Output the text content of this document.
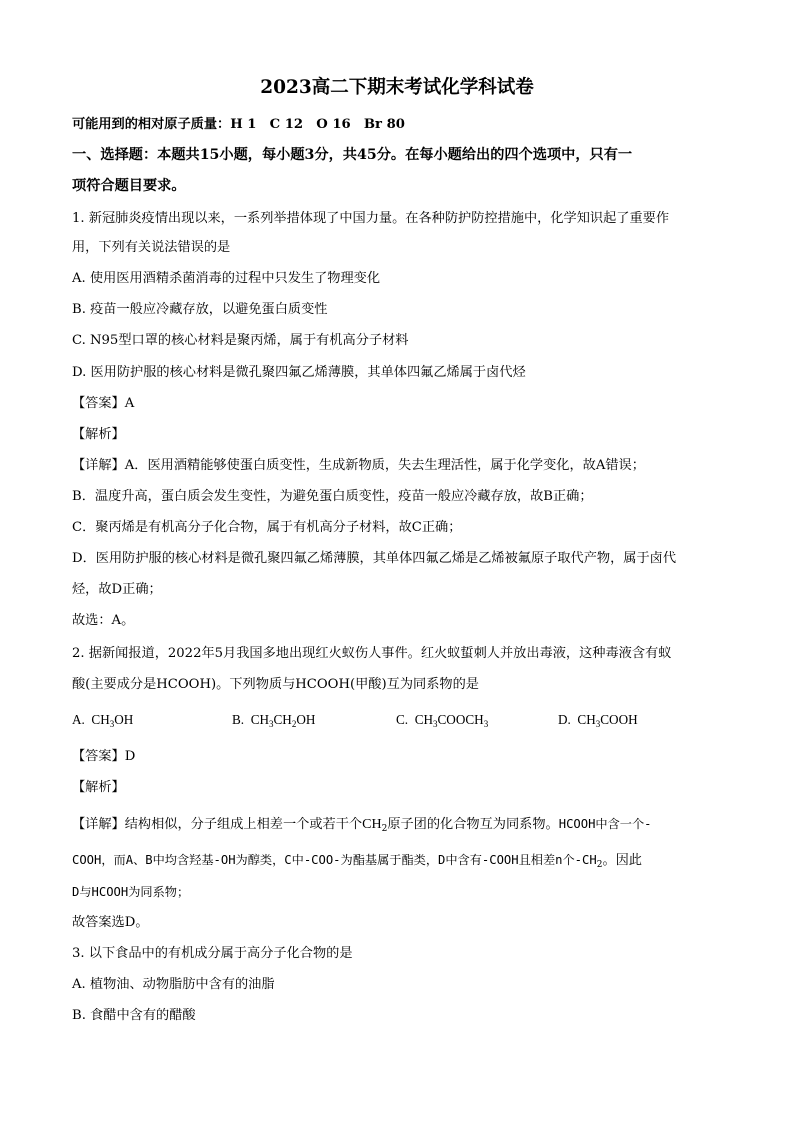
2023高二下期末考试化学科试卷
可能用到的相对原子质量：H 1　C 12　O 16　Br 80
一、选择题：本题共15小题，每小题3分，共45分。在每小题给出的四个选项中，只有一
项符合题目要求。
1. 新冠肺炎疫情出现以来，一系列举措体现了中国力量。在各种防护防控措施中，化学知识起了重要作
用，下列有关说法错误的是
A. 使用医用酒精杀菌消毒的过程中只发生了物理变化
B. 疫苗一般应冷藏存放，以避免蛋白质变性
C. N95型口罩的核心材料是聚丙烯，属于有机高分子材料
D. 医用防护服的核心材料是微孔聚四氟乙烯薄膜，其单体四氟乙烯属于卤代烃
【答案】A
【解析】
【详解】A．医用酒精能够使蛋白质变性，生成新物质，失去生理活性，属于化学变化，故A错误；
B．温度升高，蛋白质会发生变性，为避免蛋白质变性，疫苗一般应冷藏存放，故B正确；
C．聚丙烯是有机高分子化合物，属于有机高分子材料，故C正确；
D．医用防护服的核心材料是微孔聚四氟乙烯薄膜，其单体四氟乙烯是乙烯被氟原子取代产物，属于卤代
烃，故D正确；
故选：A。
2. 据新闻报道，2022年5月我国多地出现红火蚁伤人事件。红火蚁蜇刺人并放出毒液，这种毒液含有蚁
酸(主要成分是HCOOH)。下列物质与HCOOH(甲酸)互为同系物的是
A. $CH_3OH$	B. $CH_3CH_2OH$	C. $CH_3COOCH_3$	D. $CH_3COOH$
【答案】D
【解析】
【详解】结构相似，分子组成上相差一个或若干个$CH_2$原子团的化合物互为同系物。HCOOH中含一个-
COOH，而A、B中均含羟基-OH为醇类，C中-COO-为酯基属于酯类，D中含有-COOH且相差n个$-CH_2$。因此
D与HCOOH为同系物；
故答案选D。
3. 以下食品中的有机成分属于高分子化合物的是
A. 植物油、动物脂肪中含有的油脂
B. 食醋中含有的醋酸
